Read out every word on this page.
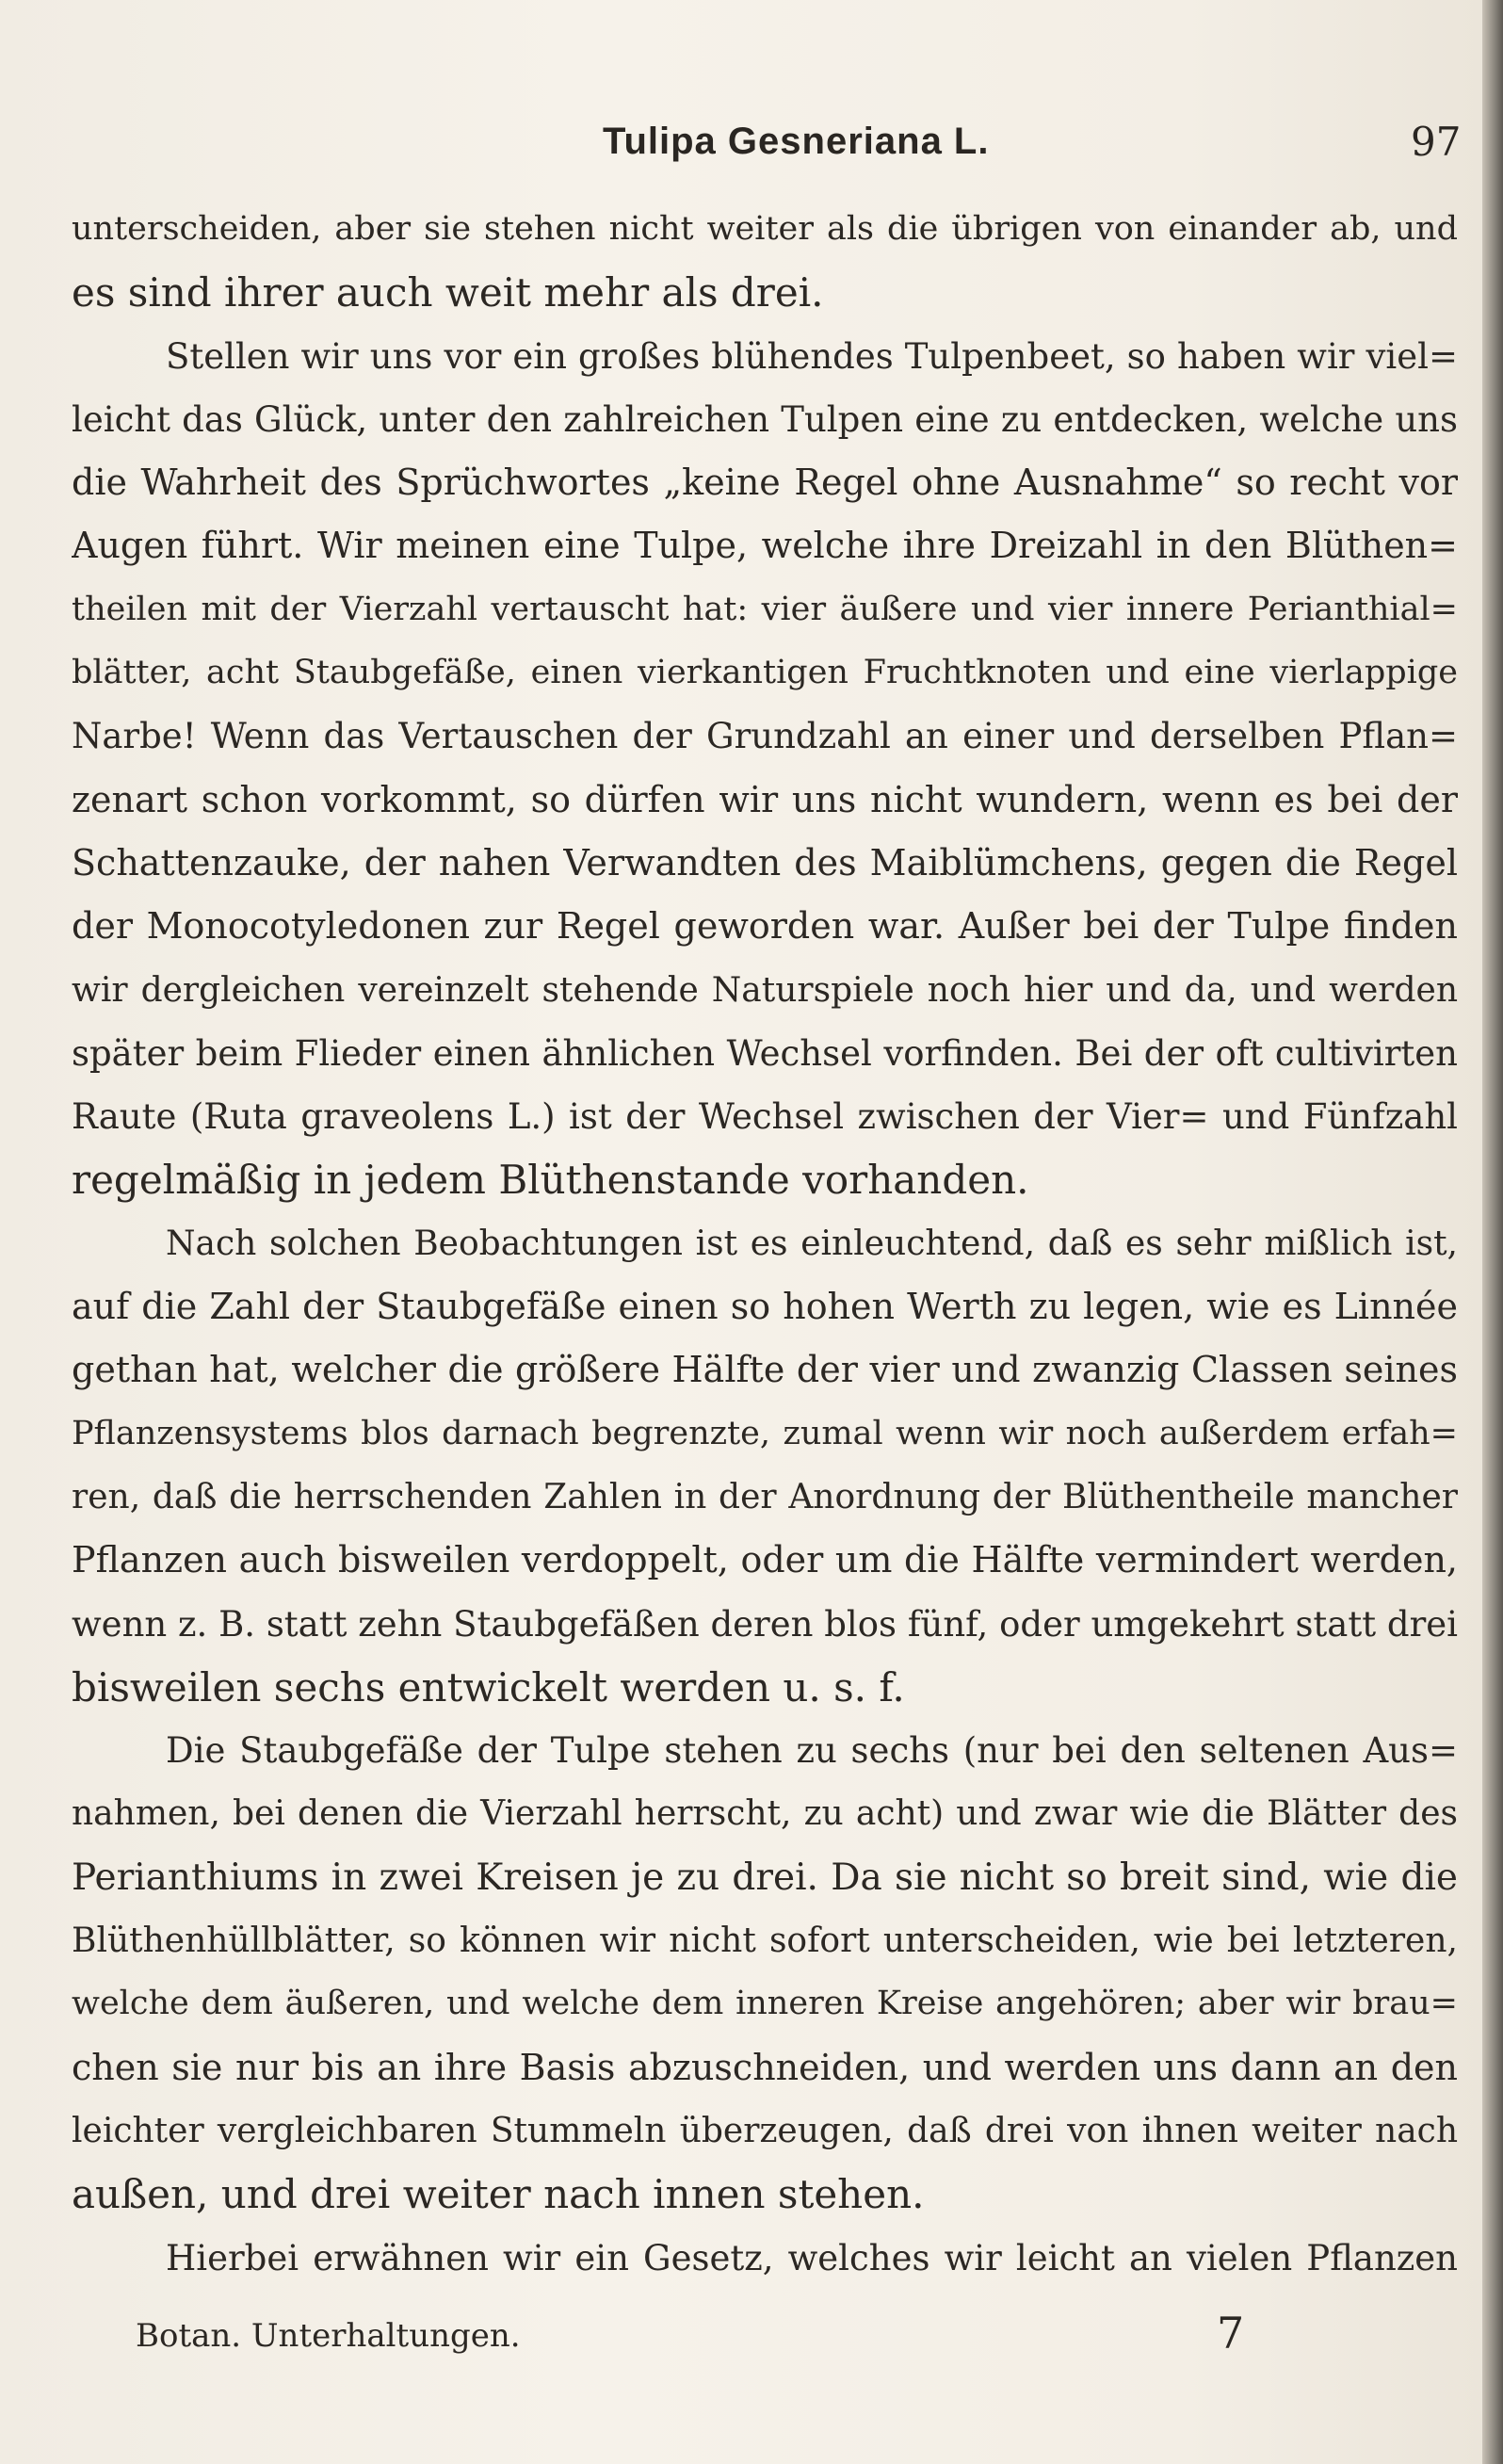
Tulipa Gesneriana L.	97
unterscheiden, aber sie stehen nicht weiter als die übrigen von einander ab, und
es sind ihrer auch weit mehr als drei.
Stellen wir uns vor ein großes blühendes Tulpenbeet, so haben wir viel=
leicht das Glück, unter den zahlreichen Tulpen eine zu entdecken, welche uns
die Wahrheit des Sprüchwortes „keine Regel ohne Ausnahme“ so recht vor
Augen führt. Wir meinen eine Tulpe, welche ihre Dreizahl in den Blüthen=
theilen mit der Vierzahl vertauscht hat: vier äußere und vier innere Perianthial=
blätter, acht Staubgefäße, einen vierkantigen Fruchtknoten und eine vierlappige
Narbe! Wenn das Vertauschen der Grundzahl an einer und derselben Pflan=
zenart schon vorkommt, so dürfen wir uns nicht wundern, wenn es bei der
Schattenzauke, der nahen Verwandten des Maiblümchens, gegen die Regel
der Monocotyledonen zur Regel geworden war. Außer bei der Tulpe finden
wir dergleichen vereinzelt stehende Naturspiele noch hier und da, und werden
später beim Flieder einen ähnlichen Wechsel vorfinden. Bei der oft cultivirten
Raute (Ruta graveolens L.) ist der Wechsel zwischen der Vier= und Fünfzahl
regelmäßig in jedem Blüthenstande vorhanden.
Nach solchen Beobachtungen ist es einleuchtend, daß es sehr mißlich ist,
auf die Zahl der Staubgefäße einen so hohen Werth zu legen, wie es Linnée
gethan hat, welcher die größere Hälfte der vier und zwanzig Classen seines
Pflanzensystems blos darnach begrenzte, zumal wenn wir noch außerdem erfah=
ren, daß die herrschenden Zahlen in der Anordnung der Blüthentheile mancher
Pflanzen auch bisweilen verdoppelt, oder um die Hälfte vermindert werden,
wenn z. B. statt zehn Staubgefäßen deren blos fünf, oder umgekehrt statt drei
bisweilen sechs entwickelt werden u. s. f.
Die Staubgefäße der Tulpe stehen zu sechs (nur bei den seltenen Aus=
nahmen, bei denen die Vierzahl herrscht, zu acht) und zwar wie die Blätter des
Perianthiums in zwei Kreisen je zu drei. Da sie nicht so breit sind, wie die
Blüthenhüllblätter, so können wir nicht sofort unterscheiden, wie bei letzteren,
welche dem äußeren, und welche dem inneren Kreise angehören; aber wir brau=
chen sie nur bis an ihre Basis abzuschneiden, und werden uns dann an den
leichter vergleichbaren Stummeln überzeugen, daß drei von ihnen weiter nach
außen, und drei weiter nach innen stehen.
Hierbei erwähnen wir ein Gesetz, welches wir leicht an vielen Pflanzen
Botan. Unterhaltungen.	7
